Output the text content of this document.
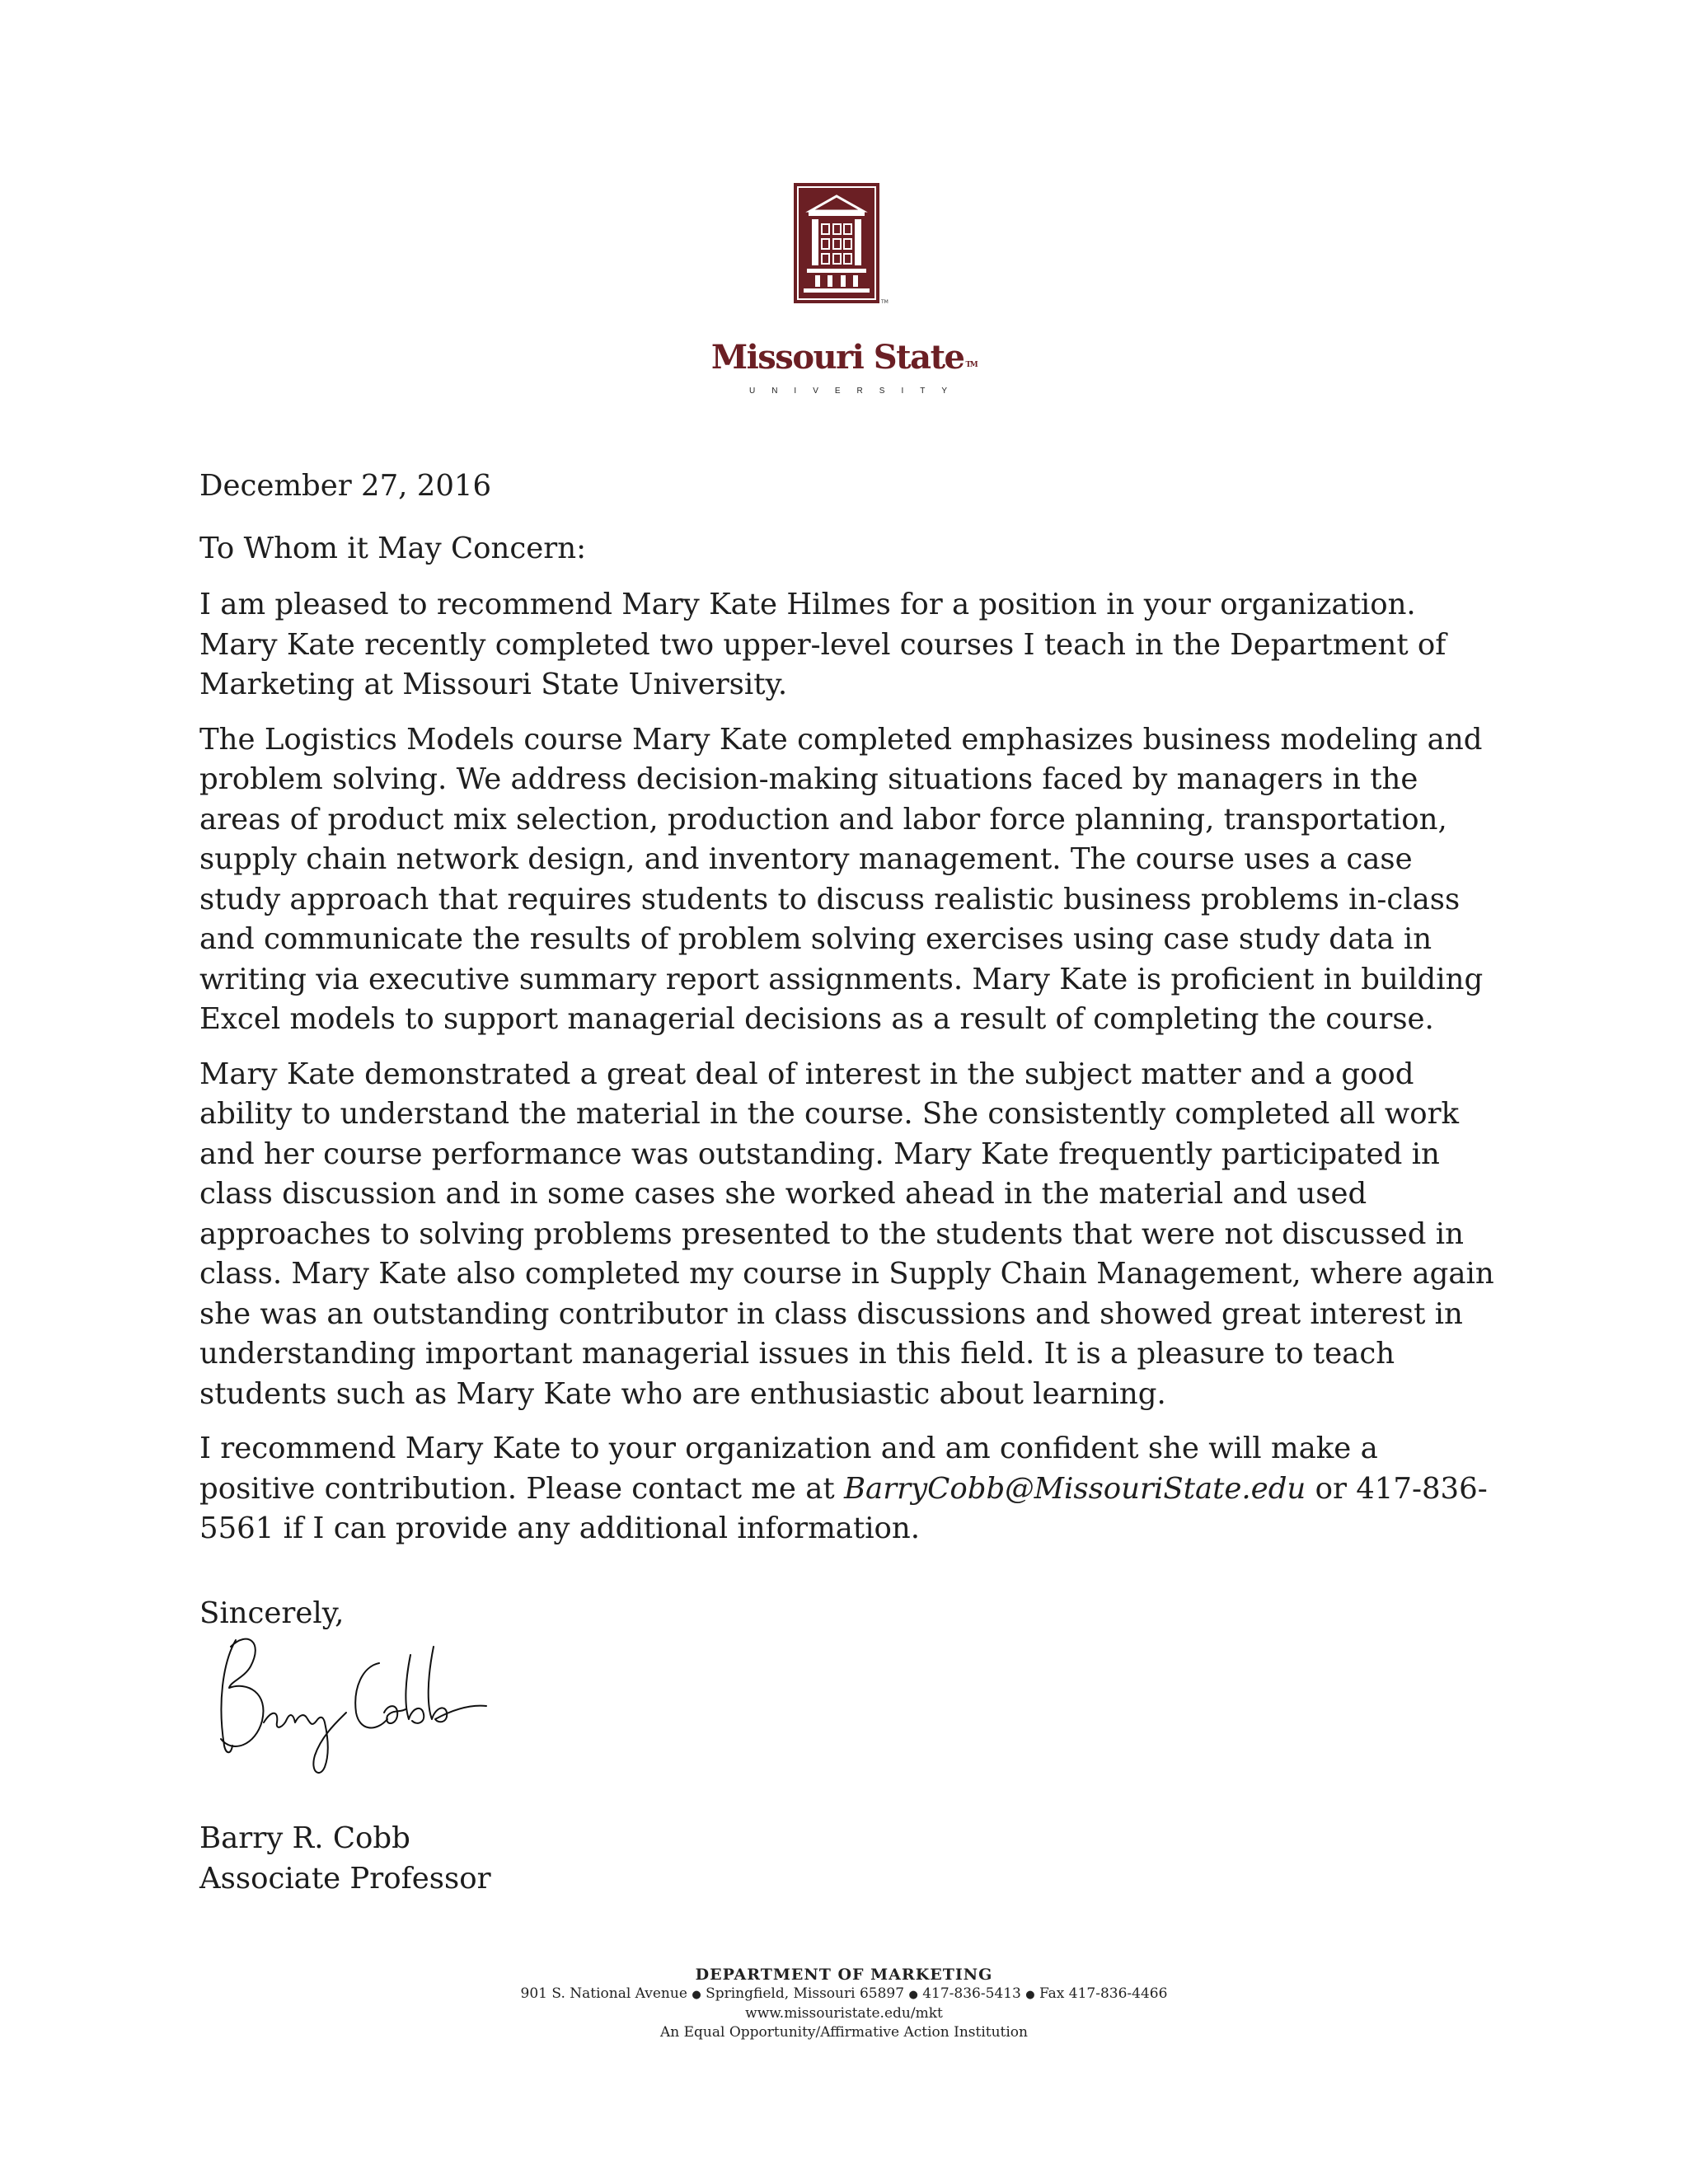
TM
Missouri State TM
UNIVERSITY

December 27, 2016

To Whom it May Concern:

I am pleased to recommend Mary Kate Hilmes for a position in your organization. Mary Kate recently completed two upper-level courses I teach in the Department of Marketing at Missouri State University.

The Logistics Models course Mary Kate completed emphasizes business modeling and problem solving. We address decision-making situations faced by managers in the areas of product mix selection, production and labor force planning, transportation, supply chain network design, and inventory management. The course uses a case study approach that requires students to discuss realistic business problems in-class and communicate the results of problem solving exercises using case study data in writing via executive summary report assignments. Mary Kate is proficient in building Excel models to support managerial decisions as a result of completing the course.

Mary Kate demonstrated a great deal of interest in the subject matter and a good ability to understand the material in the course. She consistently completed all work and her course performance was outstanding. Mary Kate frequently participated in class discussion and in some cases she worked ahead in the material and used approaches to solving problems presented to the students that were not discussed in class. Mary Kate also completed my course in Supply Chain Management, where again she was an outstanding contributor in class discussions and showed great interest in understanding important managerial issues in this field. It is a pleasure to teach students such as Mary Kate who are enthusiastic about learning.

I recommend Mary Kate to your organization and am confident she will make a positive contribution. Please contact me at BarryCobb@MissouriState.edu or 417-836-5561 if I can provide any additional information.

Sincerely,
Barry R. Cobb
Associate Professor
DEPARTMENT OF MARKETING
901 S. National Avenue ● Springfield, Missouri 65897 ● 417-836-5413 ● Fax 417-836-4466
www.missouristate.edu/mkt
An Equal Opportunity/Affirmative Action Institution
